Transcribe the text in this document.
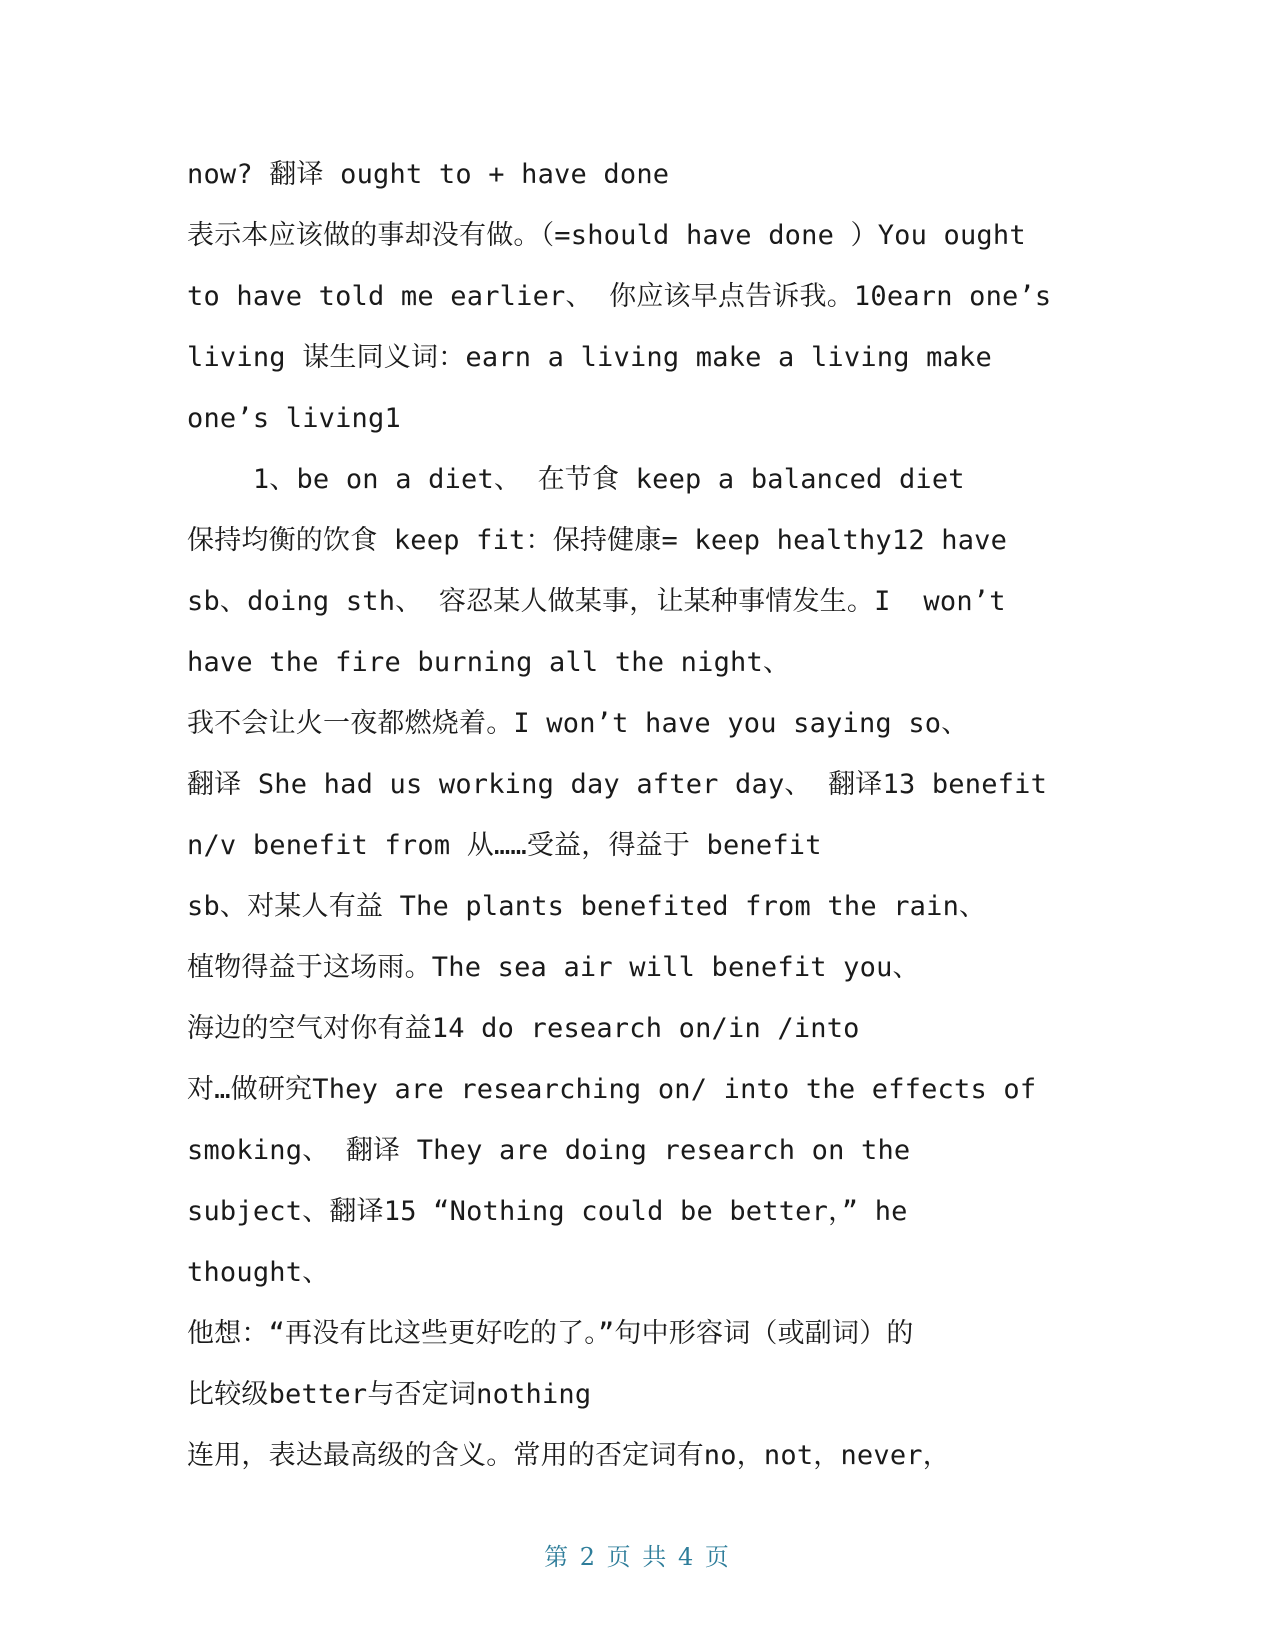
now? 翻译 ought to + have done
表示本应该做的事却没有做。（=should have done ）You ought
to have told me earlier、 你应该早点告诉我。10earn one’s
living 谋生同义词：earn a living make a living make
one’s living1
1、be on a diet、 在节食 keep a balanced diet
保持均衡的饮食 keep fit：保持健康= keep healthy12 have
sb、doing sth、 容忍某人做某事，让某种事情发生。I  won’t
have the fire burning all the night、
我不会让火一夜都燃烧着。I won’t have you saying so、
翻译 She had us working day after day、 翻译13 benefit
n/v benefit from 从……受益，得益于 benefit
sb、对某人有益 The plants benefited from the rain、
植物得益于这场雨。The sea air will benefit you、
海边的空气对你有益14 do research on/in /into
对…做研究They are researching on/ into the effects of
smoking、 翻译 They are doing research on the
subject、翻译15 “Nothing could be better，” he
thought、
他想：“再没有比这些更好吃的了。”句中形容词（或副词）的
比较级better与否定词nothing
连用，表达最高级的含义。常用的否定词有no，not，never，
第 2 页 共 4 页
